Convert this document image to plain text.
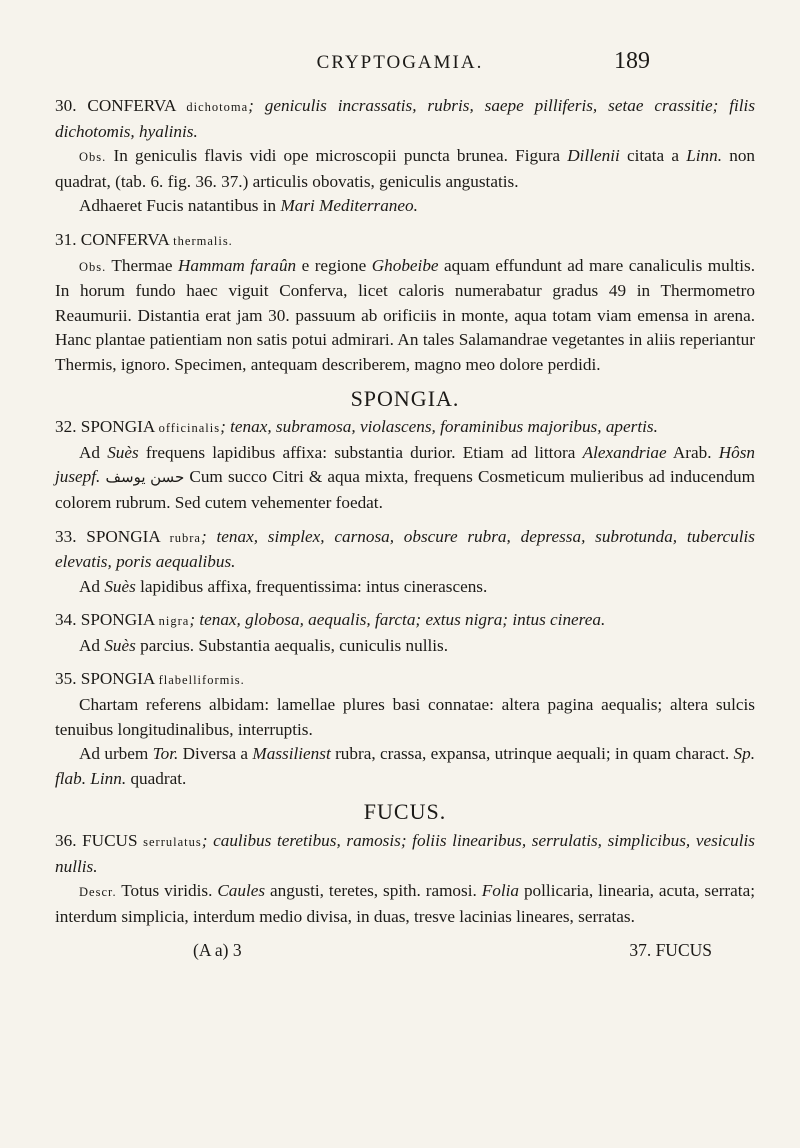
CRYPTOGAMIA.	189

30. CONFERVA dichotoma; geniculis incrassatis, rubris, saepe pilliferis, setae crassitie; filis dichotomis, hyalinis.

Obs. In geniculis flavis vidi ope microscopii puncta brunea. Figura Dillenii citata a Linn. non quadrat, (tab. 6. fig. 36. 37.) articulis obovatis, geniculis angustatis.

Adhaeret Fucis natantibus in Mari Mediterraneo.

31. CONFERVA thermalis.

Obs. Thermae Hammam faraûn e regione Ghobeibe aquam effundunt ad mare canaliculis multis. In horum fundo haec viguit Conferva, licet caloris numerabatur gradus 49 in Thermometro Reaumurii. Distantia erat jam 30. passuum ab orificiis in monte, aqua totam viam emensa in arena. Hanc plantae patientiam non satis potui admirari. An tales Salamandrae vegetantes in aliis reperiantur Thermis, ignoro. Specimen, antequam describerem, magno meo dolore perdidi.

SPONGIA.

32. SPONGIA officinalis; tenax, subramosa, violascens, foraminibus majoribus, apertis.

Ad Suès frequens lapidibus affixa: substantia durior. Etiam ad littora Alexandriae Arab. Hôsn jusepf. حسن يوسف Cum succo Citri & aqua mixta, frequens Cosmeticum mulieribus ad inducendum colorem rubrum. Sed cutem vehementer foedat.

33. SPONGIA rubra; tenax, simplex, carnosa, obscure rubra, depressa, subrotunda, tuberculis elevatis, poris aequalibus.

Ad Suès lapidibus affixa, frequentissima: intus cinerascens.

34. SPONGIA nigra; tenax, globosa, aequalis, farcta; extus nigra; intus cinerea.

Ad Suès parcius. Substantia aequalis, cuniculis nullis.

35. SPONGIA flabelliformis.

Chartam referens albidam: lamellae plures basi connatae: altera pagina aequalis; altera sulcis tenuibus longitudinalibus, interruptis.

Ad urbem Tor. Diversa a Massilienst rubra, crassa, expansa, utrinque aequali; in quam charact. Sp. flab. Linn. quadrat.

FUCUS.

36. FUCUS serrulatus; caulibus teretibus, ramosis; foliis linearibus, serrulatis, simplicibus, vesiculis nullis.

Descr. Totus viridis. Caules angusti, teretes, spith. ramosi. Folia pollicaria, linearia, acuta, serrata; interdum simplicia, interdum medio divisa, in duas, tresve lacinias lineares, serratas.

(A a) 3	37. FUCUS
